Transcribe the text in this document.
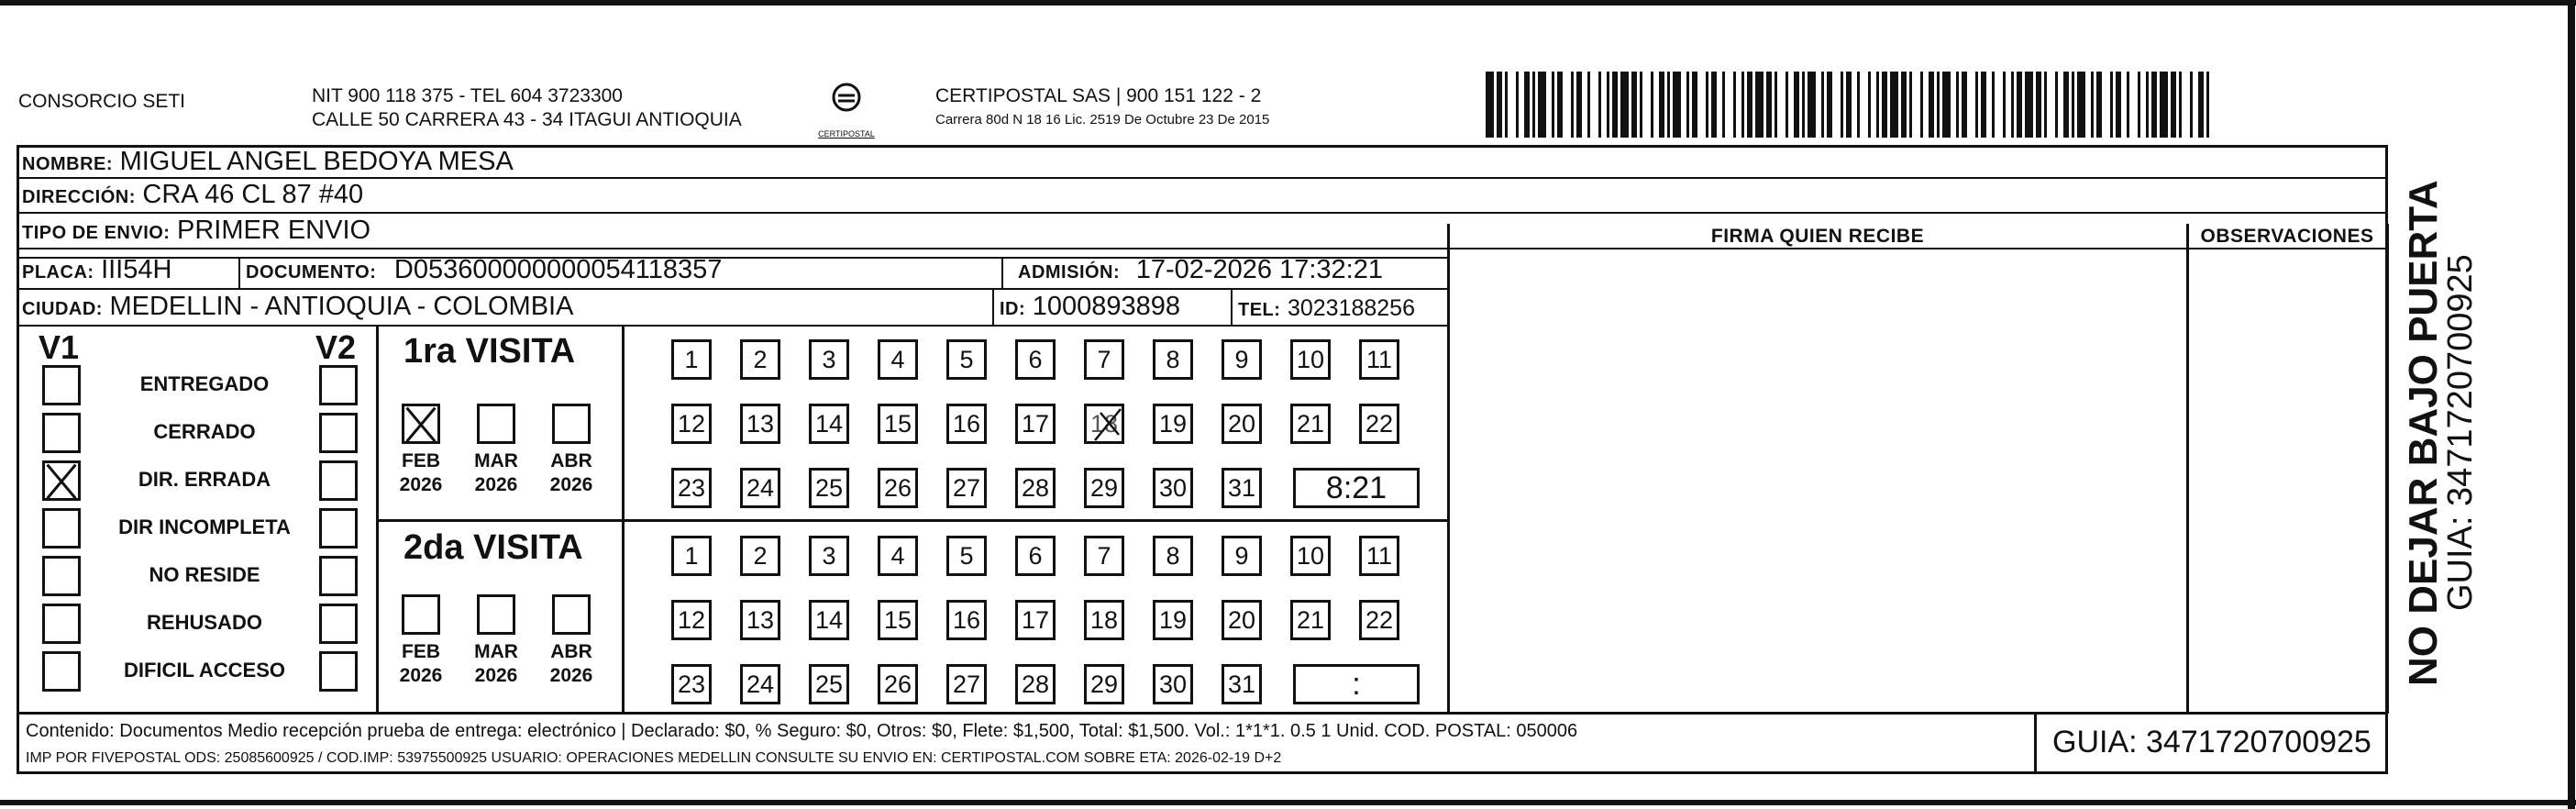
CONSORCIO SETI	NIT 900 118 375 - TEL 604 3723300
CALLE 50 CARRERA 43 - 34 ITAGUI ANTIOQUIA
CERTIPOSTAL
CERTIPOSTAL SAS | 900 151 122 - 2
Carrera 80d N 18 16 Lic. 2519 De Octubre 23 De 2015
NOMBRE: MIGUEL ANGEL BEDOYA MESA
DIRECCIÓN: CRA 46 CL 87 #40
TIPO DE ENVIO: PRIMER ENVIO
PLACA: III54H	DOCUMENTO: D053600000000054118357	ADMISIÓN: 17-02-2026 17:32:21
CIUDAD: MEDELLIN - ANTIOQUIA - COLOMBIA	ID: 1000893898	TEL: 3023188256
FIRMA QUIEN RECIBE	OBSERVACIONES
V1	V2
ENTREGADO
CERRADO
DIR. ERRADA
DIR INCOMPLETA
NO RESIDE
REHUSADO
DIFICIL ACCESO
1ra VISITA
2da VISITA
FEB
2026
MAR
2026
ABR
2026
FEB
2026
MAR
2026
ABR
2026
1	2	3	4	5	6	7	8	9	10 11
12 13 14 15 16 17 18 19 20 21 22
23 24 25 26 27 28 29 30 31	8:21
1	2	3	4	5	6	7	8	9	10 11
12 13 14 15 16 17 18 19 20 21 22
23 24 25 26 27 28 29 30 31	:	NO DEJAR BAJO PUERTA
GUIA: 3471720700925
Contenido: Documentos Medio recepción prueba de entrega: electrónico | Declarado: $0, % Seguro: $0, Otros: $0, Flete: $1,500, Total: $1,500. Vol.: 1*1*1. 0.5 1 Unid. COD. POSTAL: 050006
IMP POR FIVEPOSTAL ODS: 25085600925 / COD.IMP: 53975500925 USUARIO: OPERACIONES MEDELLIN CONSULTE SU ENVIO EN: CERTIPOSTAL.COM SOBRE ETA: 2026-02-19 D+2	GUIA: 3471720700925
